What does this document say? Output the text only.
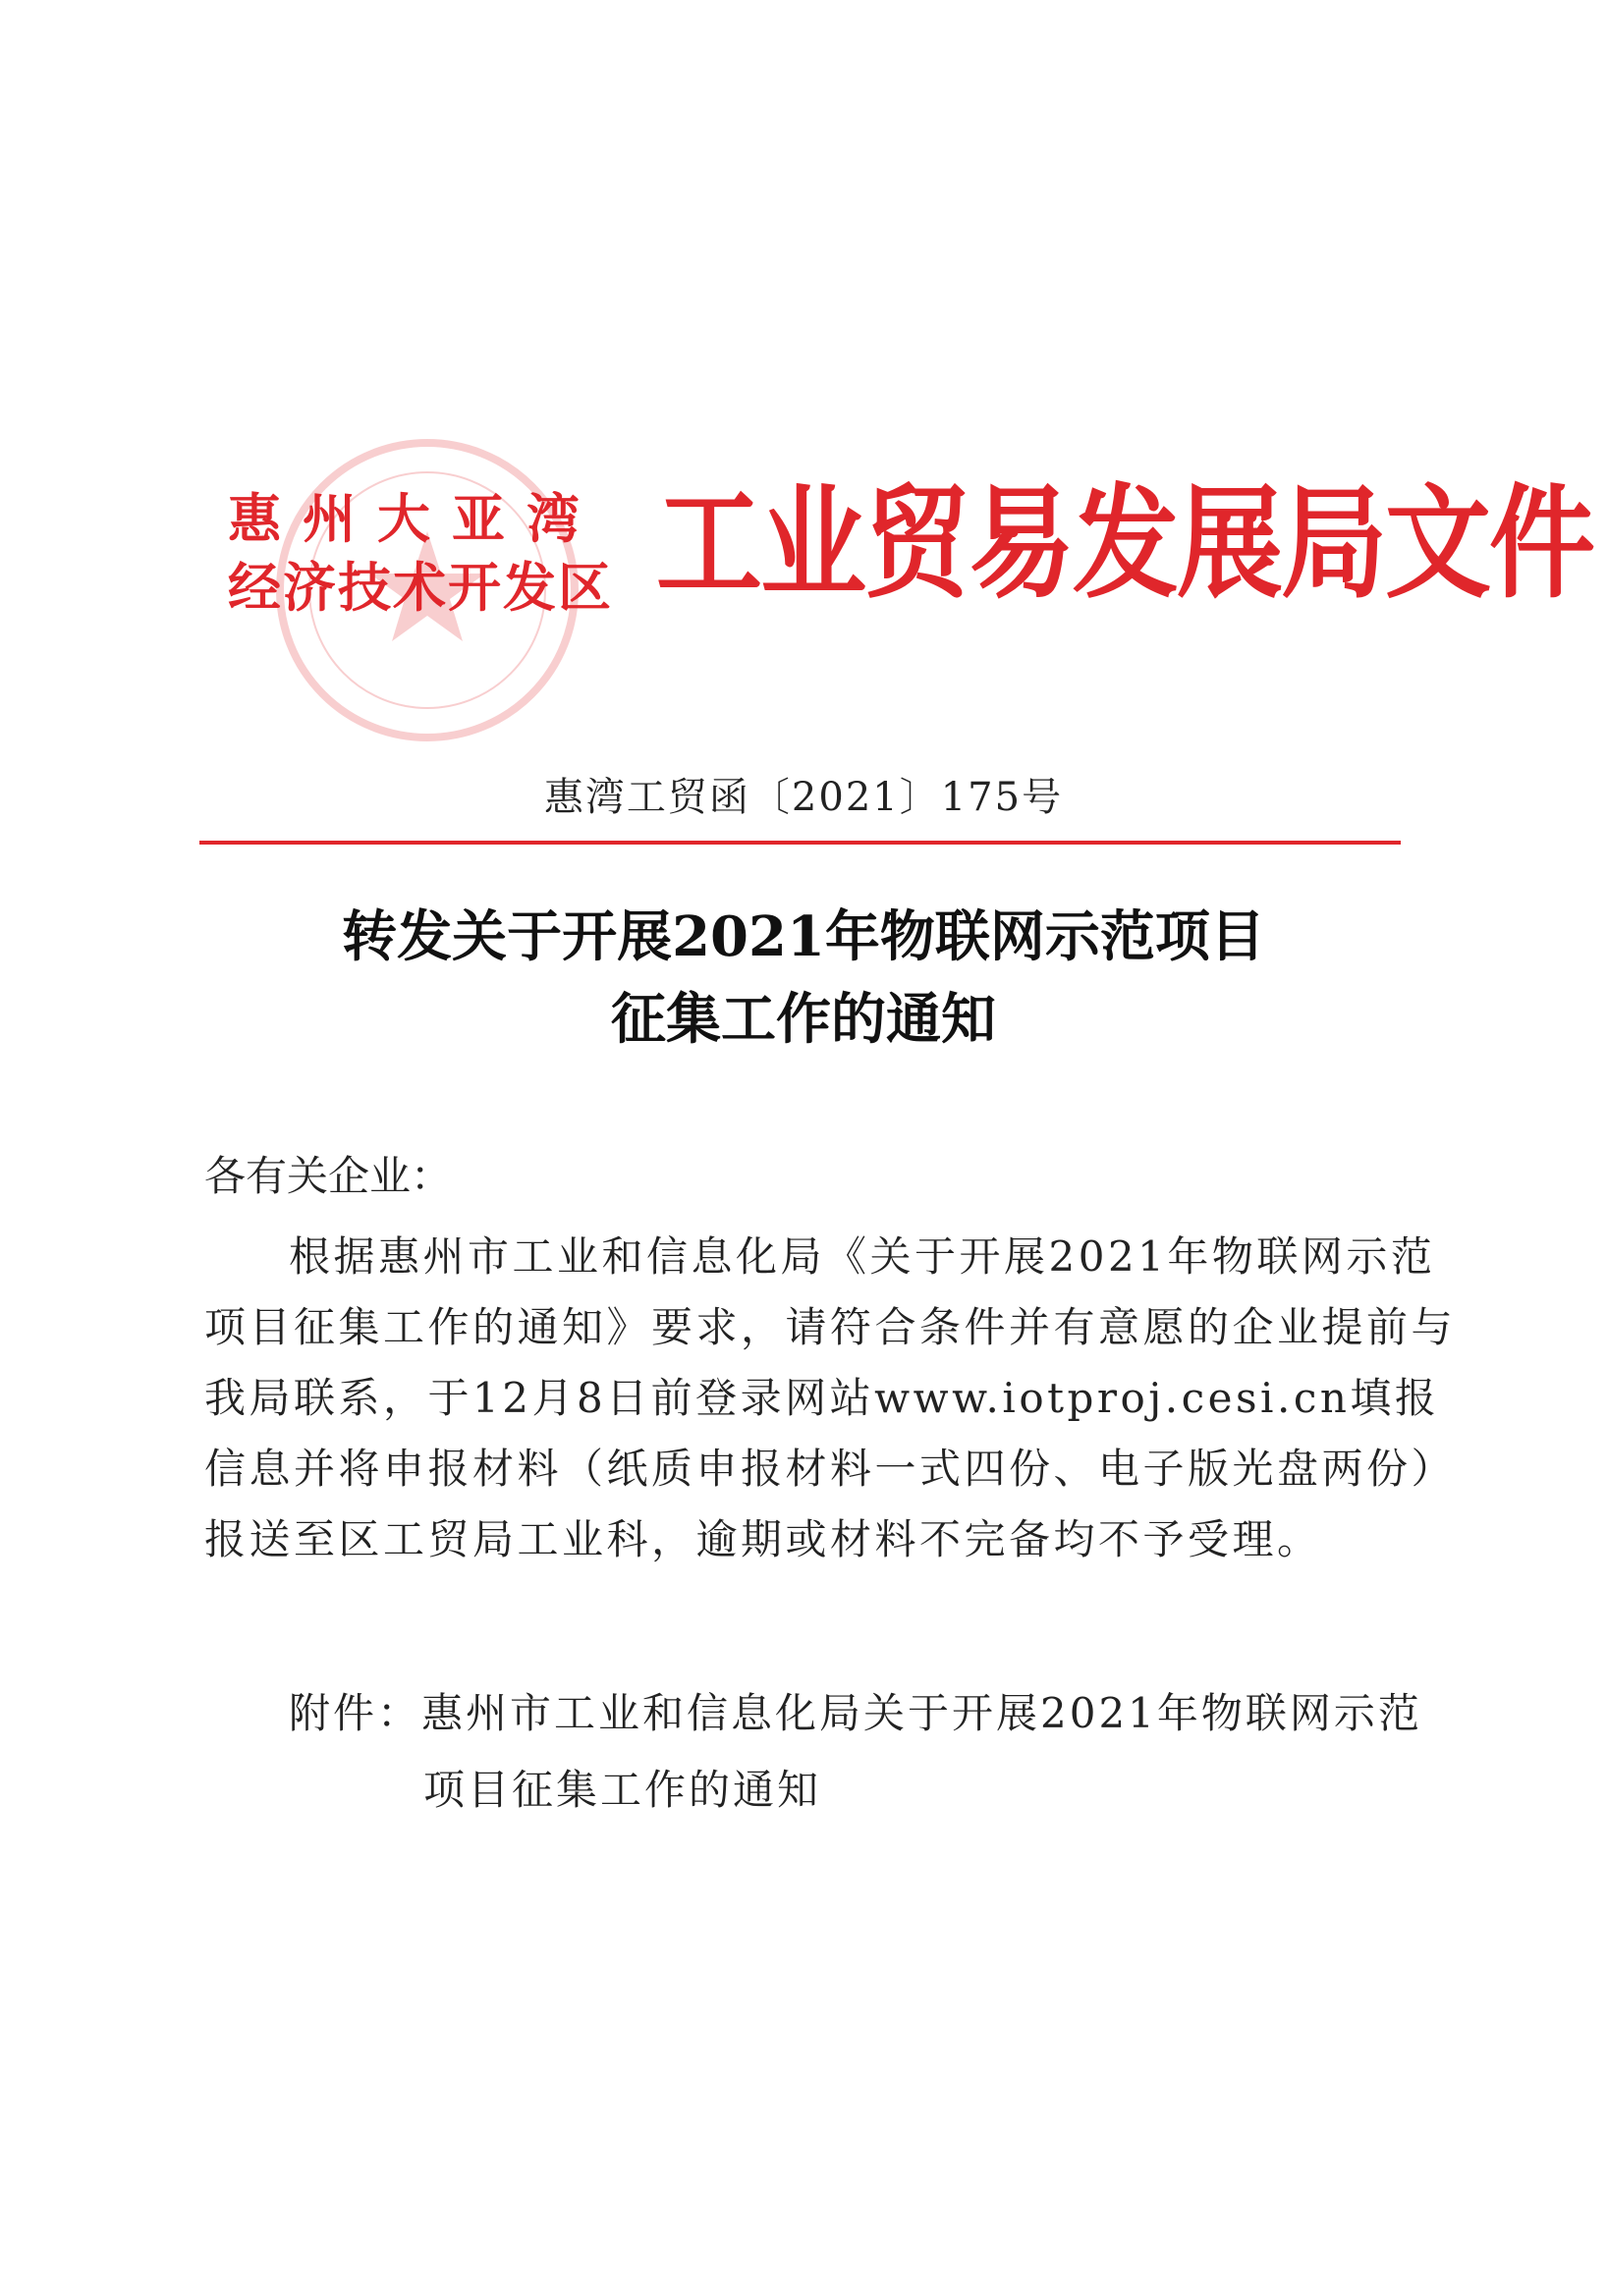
惠州大亚湾
经济技术开发区 工业贸易发展局文件
惠湾工贸函〔2021〕175号
转发关于开展2021年物联网示范项目
征集工作的通知
各有关企业：
根据惠州市工业和信息化局《关于开展2021年物联网示范
项目征集工作的通知》要求，请符合条件并有意愿的企业提前与
我局联系，于12月8日前登录网站www.iotproj.cesi.cn填报
信息并将申报材料（纸质申报材料一式四份、电子版光盘两份）
报送至区工贸局工业科，逾期或材料不完备均不予受理。
附件：惠州市工业和信息化局关于开展2021年物联网示范
项目征集工作的通知
